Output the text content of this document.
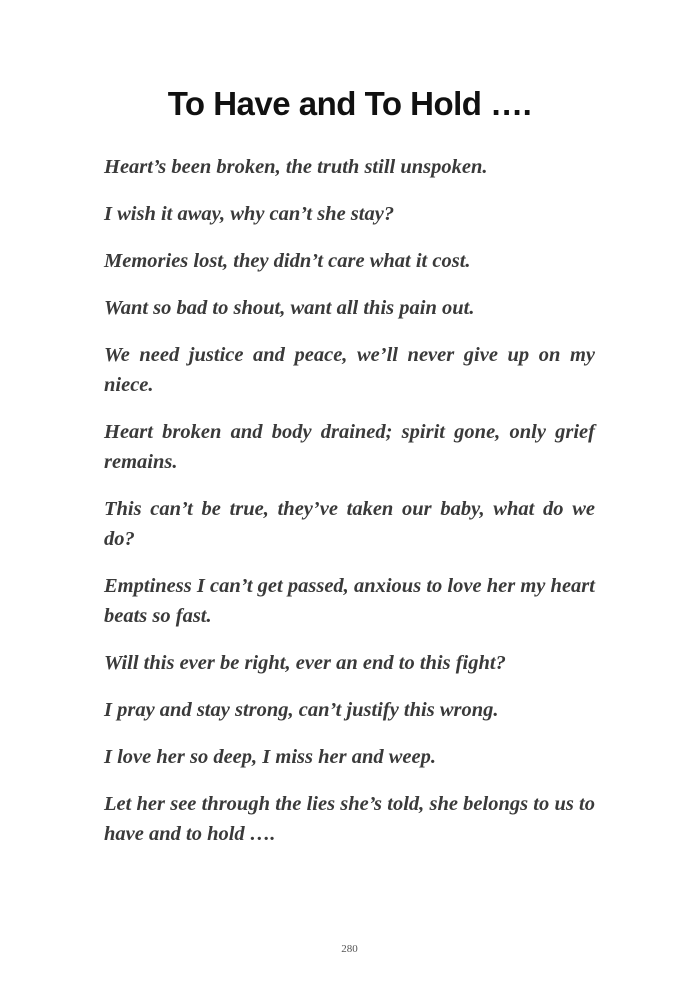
To Have and To Hold ….

Heart’s been broken, the truth still unspoken.

I wish it away, why can’t she stay?

Memories lost, they didn’t care what it cost.

Want so bad to shout, want all this pain out.

We need justice and peace, we’ll never give up on my niece.

Heart broken and body drained; spirit gone, only grief remains.

This can’t be true, they’ve taken our baby, what do we do?

Emptiness I can’t get passed, anxious to love her my heart beats so fast.

Will this ever be right, ever an end to this fight?

I pray and stay strong, can’t justify this wrong.

I love her so deep, I miss her and weep.

Let her see through the lies she’s told, she belongs to us to have and to hold ….

280
